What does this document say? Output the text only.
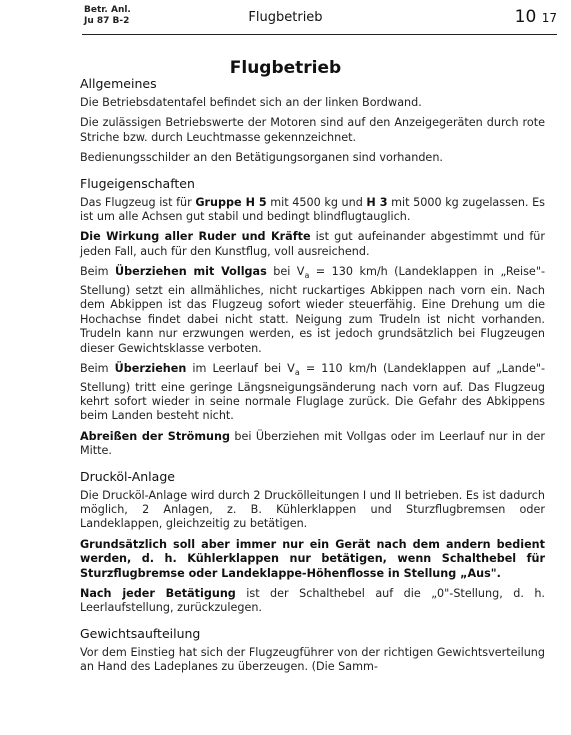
Betr. Anl.
Ju 87 B-2	Flugbetrieb	10 17
Flugbetrieb
Allgemeines
Die Betriebsdatentafel befindet sich an der linken Bordwand.
Die zulässigen Betriebswerte der Motoren sind auf den Anzeigegeräten durch rote Striche bzw. durch Leuchtmasse gekennzeichnet.
Bedienungsschilder an den Betätigungsorganen sind vorhanden.
Flugeigenschaften
Das Flugzeug ist für Gruppe H 5 mit 4500 kg und H 3 mit 5000 kg zugelassen. Es ist um alle Achsen gut stabil und bedingt blindflugtauglich.
Die Wirkung aller Ruder und Kräfte ist gut aufeinander abgestimmt und für jeden Fall, auch für den Kunstflug, voll ausreichend.
Beim Überziehen mit Vollgas bei $V_a = 130$ km/h (Landeklappen in „Reise"-Stellung) setzt ein allmähliches, nicht ruckartiges Abkippen nach vorn ein. Nach dem Abkippen ist das Flugzeug sofort wieder steuerfähig. Eine Drehung um die Hochachse findet dabei nicht statt. Neigung zum Trudeln ist nicht vorhanden. Trudeln kann nur erzwungen werden, es ist jedoch grundsätzlich bei Flugzeugen dieser Gewichtsklasse verboten.
Beim Überziehen im Leerlauf bei $V_a = 110$ km/h (Landeklappen auf „Lande"-Stellung) tritt eine geringe Längsneigungsänderung nach vorn auf. Das Flugzeug kehrt sofort wieder in seine normale Fluglage zurück. Die Gefahr des Abkippens beim Landen besteht nicht.
Abreißen der Strömung bei Überziehen mit Vollgas oder im Leerlauf nur in der Mitte.
Drucköl-Anlage
Die Drucköl-Anlage wird durch 2 Druckölleitungen I und II betrieben. Es ist dadurch möglich, 2 Anlagen, z. B. Kühlerklappen und Sturzflugbremsen oder Landeklappen, gleichzeitig zu betätigen.
Grundsätzlich soll aber immer nur ein Gerät nach dem andern bedient werden, d. h. Kühlerklappen nur betätigen, wenn Schalthebel für Sturzflugbremse oder Landeklappe-Höhenflosse in Stellung „Aus".
Nach jeder Betätigung ist der Schalthebel auf die „0"-Stellung, d. h. Leerlaufstellung, zurückzulegen.
Gewichtsaufteilung
Vor dem Einstieg hat sich der Flugzeugführer von der richtigen Gewichtsverteilung an Hand des Ladeplanes zu überzeugen. (Die Samm-
